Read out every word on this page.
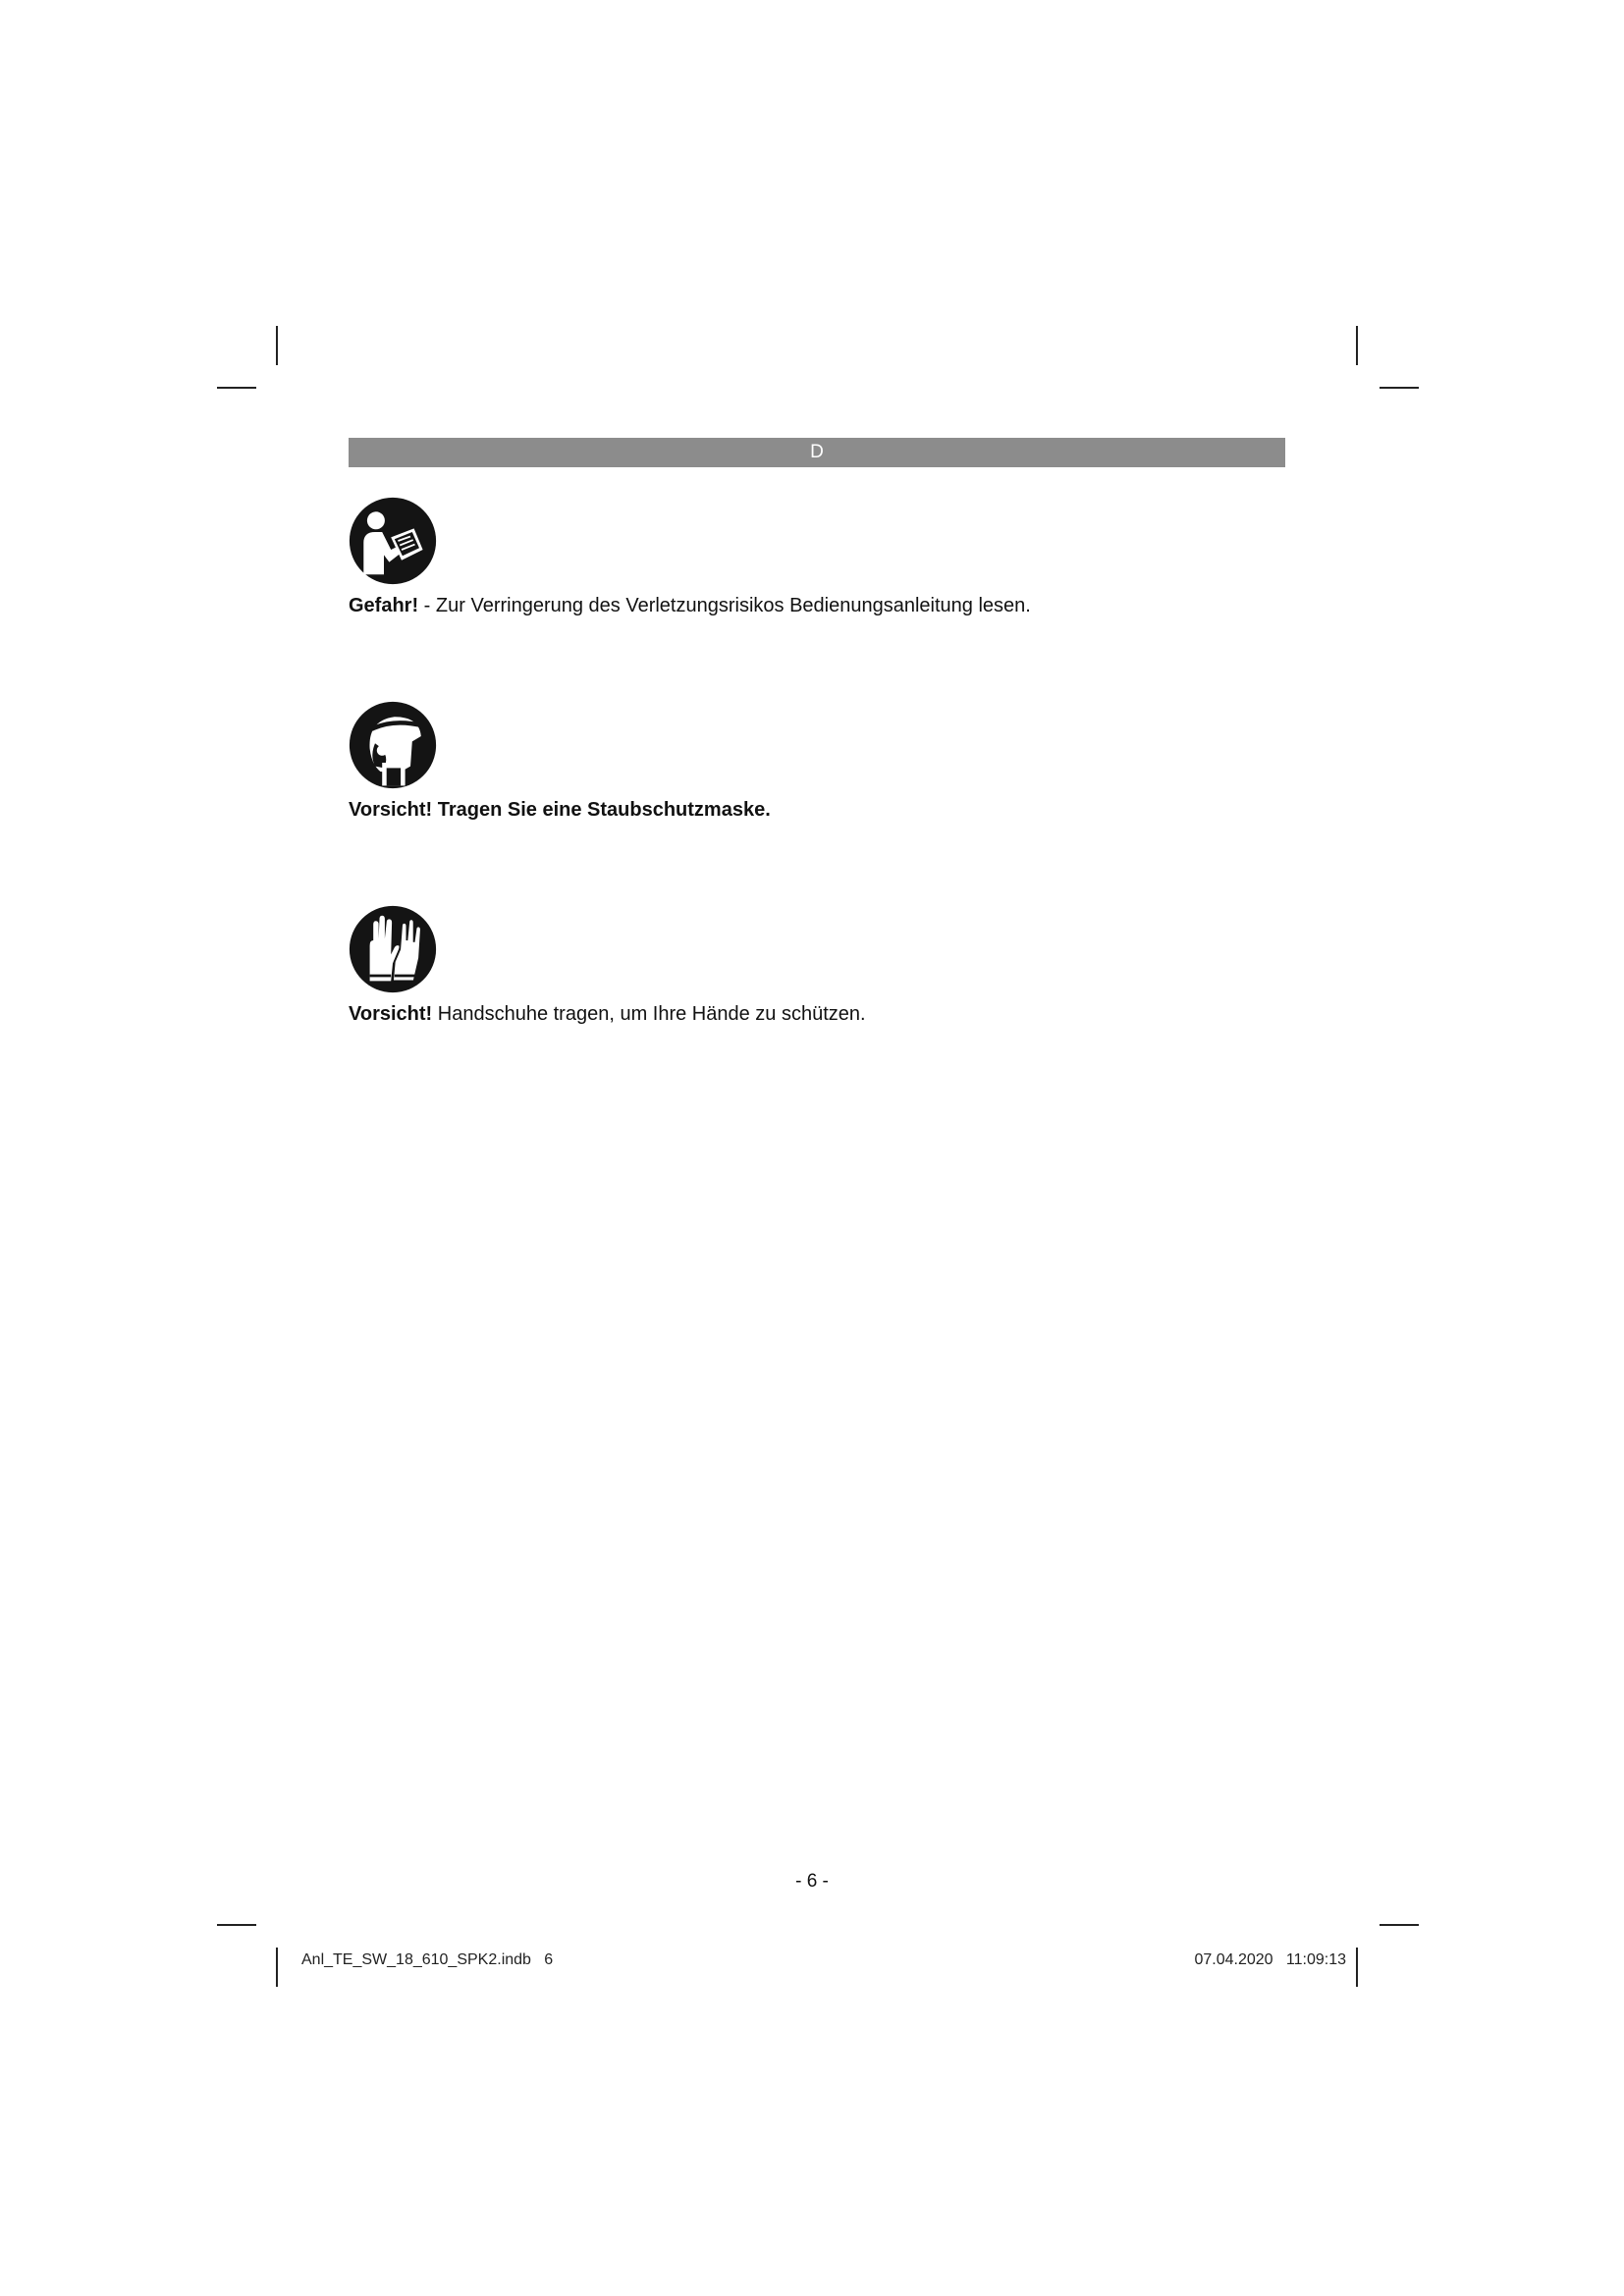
D
Gefahr! - Zur Verringerung des Verletzungsrisikos Bedienungsanleitung lesen.
Vorsicht! Tragen Sie eine Staubschutzmaske.
Vorsicht! Handschuhe tragen, um Ihre Hände zu schützen.
- 6 -
Anl_TE_SW_18_610_SPK2.indb   6	07.04.2020   11:09:13
